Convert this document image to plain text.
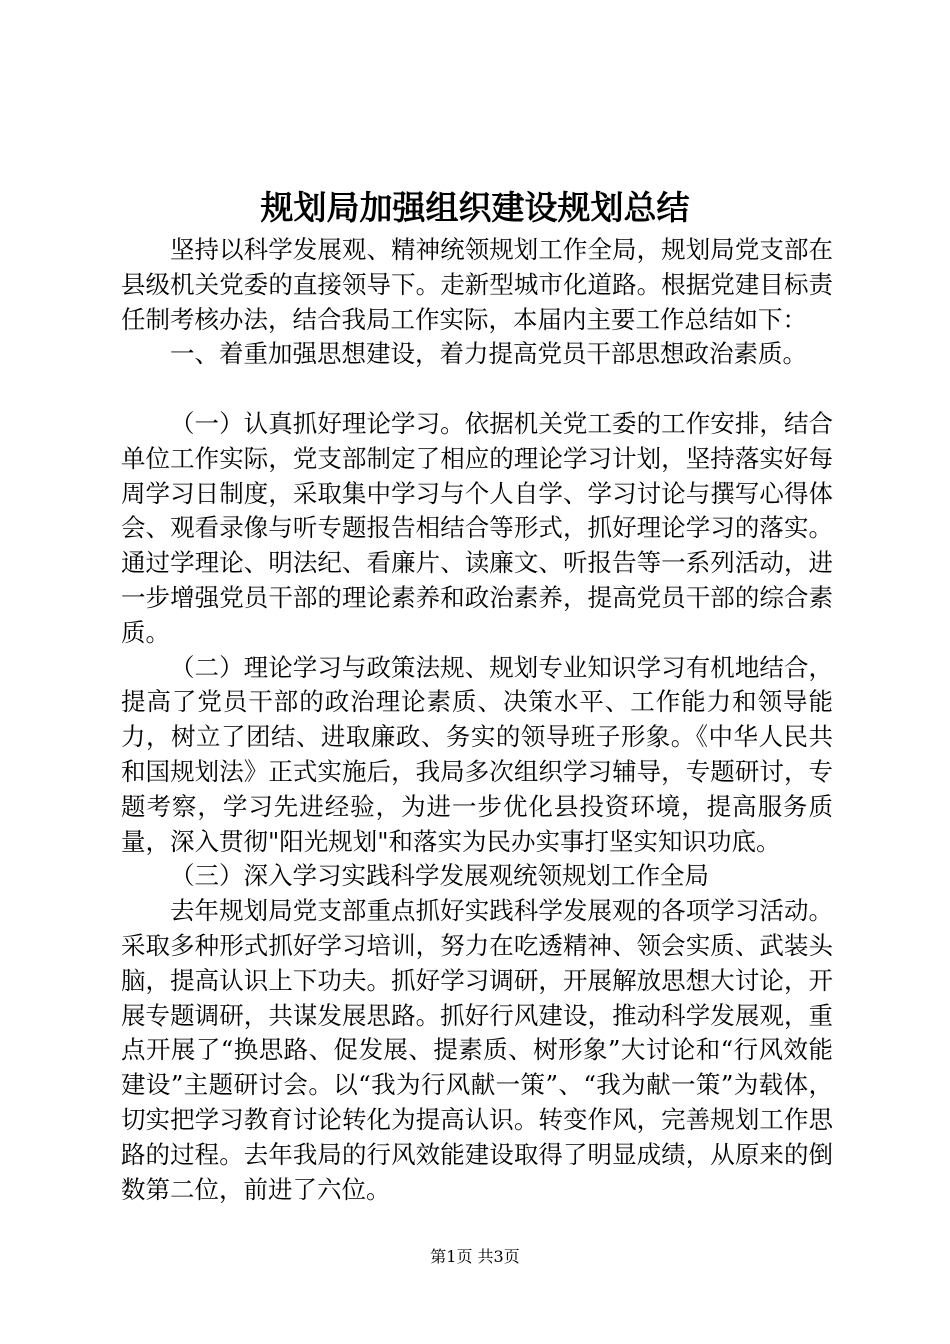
规划局加强组织建设规划总结

坚持以科学发展观、精神统领规划工作全局，规划局党支部在县级机关党委的直接领导下。走新型城市化道路。根据党建目标责任制考核办法，结合我局工作实际，本届内主要工作总结如下：

一、着重加强思想建设，着力提高党员干部思想政治素质。

（一）认真抓好理论学习。依据机关党工委的工作安排，结合单位工作实际，党支部制定了相应的理论学习计划，坚持落实好每周学习日制度，采取集中学习与个人自学、学习讨论与撰写心得体会、观看录像与听专题报告相结合等形式，抓好理论学习的落实。通过学理论、明法纪、看廉片、读廉文、听报告等一系列活动，进一步增强党员干部的理论素养和政治素养，提高党员干部的综合素质。

（二）理论学习与政策法规、规划专业知识学习有机地结合，提高了党员干部的政治理论素质、决策水平、工作能力和领导能力，树立了团结、进取廉政、务实的领导班子形象。《中华人民共和国规划法》正式实施后，我局多次组织学习辅导，专题研讨，专题考察，学习先进经验，为进一步优化县投资环境，提高服务质量，深入贯彻"阳光规划"和落实为民办实事打坚实知识功底。

（三）深入学习实践科学发展观统领规划工作全局

去年规划局党支部重点抓好实践科学发展观的各项学习活动。采取多种形式抓好学习培训，努力在吃透精神、领会实质、武装头脑，提高认识上下功夫。抓好学习调研，开展解放思想大讨论，开展专题调研，共谋发展思路。抓好行风建设，推动科学发展观，重点开展了“换思路、促发展、提素质、树形象”大讨论和“行风效能建设”主题研讨会。以“我为行风献一策”、“我为献一策”为载体，切实把学习教育讨论转化为提高认识。转变作风，完善规划工作思路的过程。去年我局的行风效能建设取得了明显成绩，从原来的倒数第二位，前进了六位。

第1页 共3页
